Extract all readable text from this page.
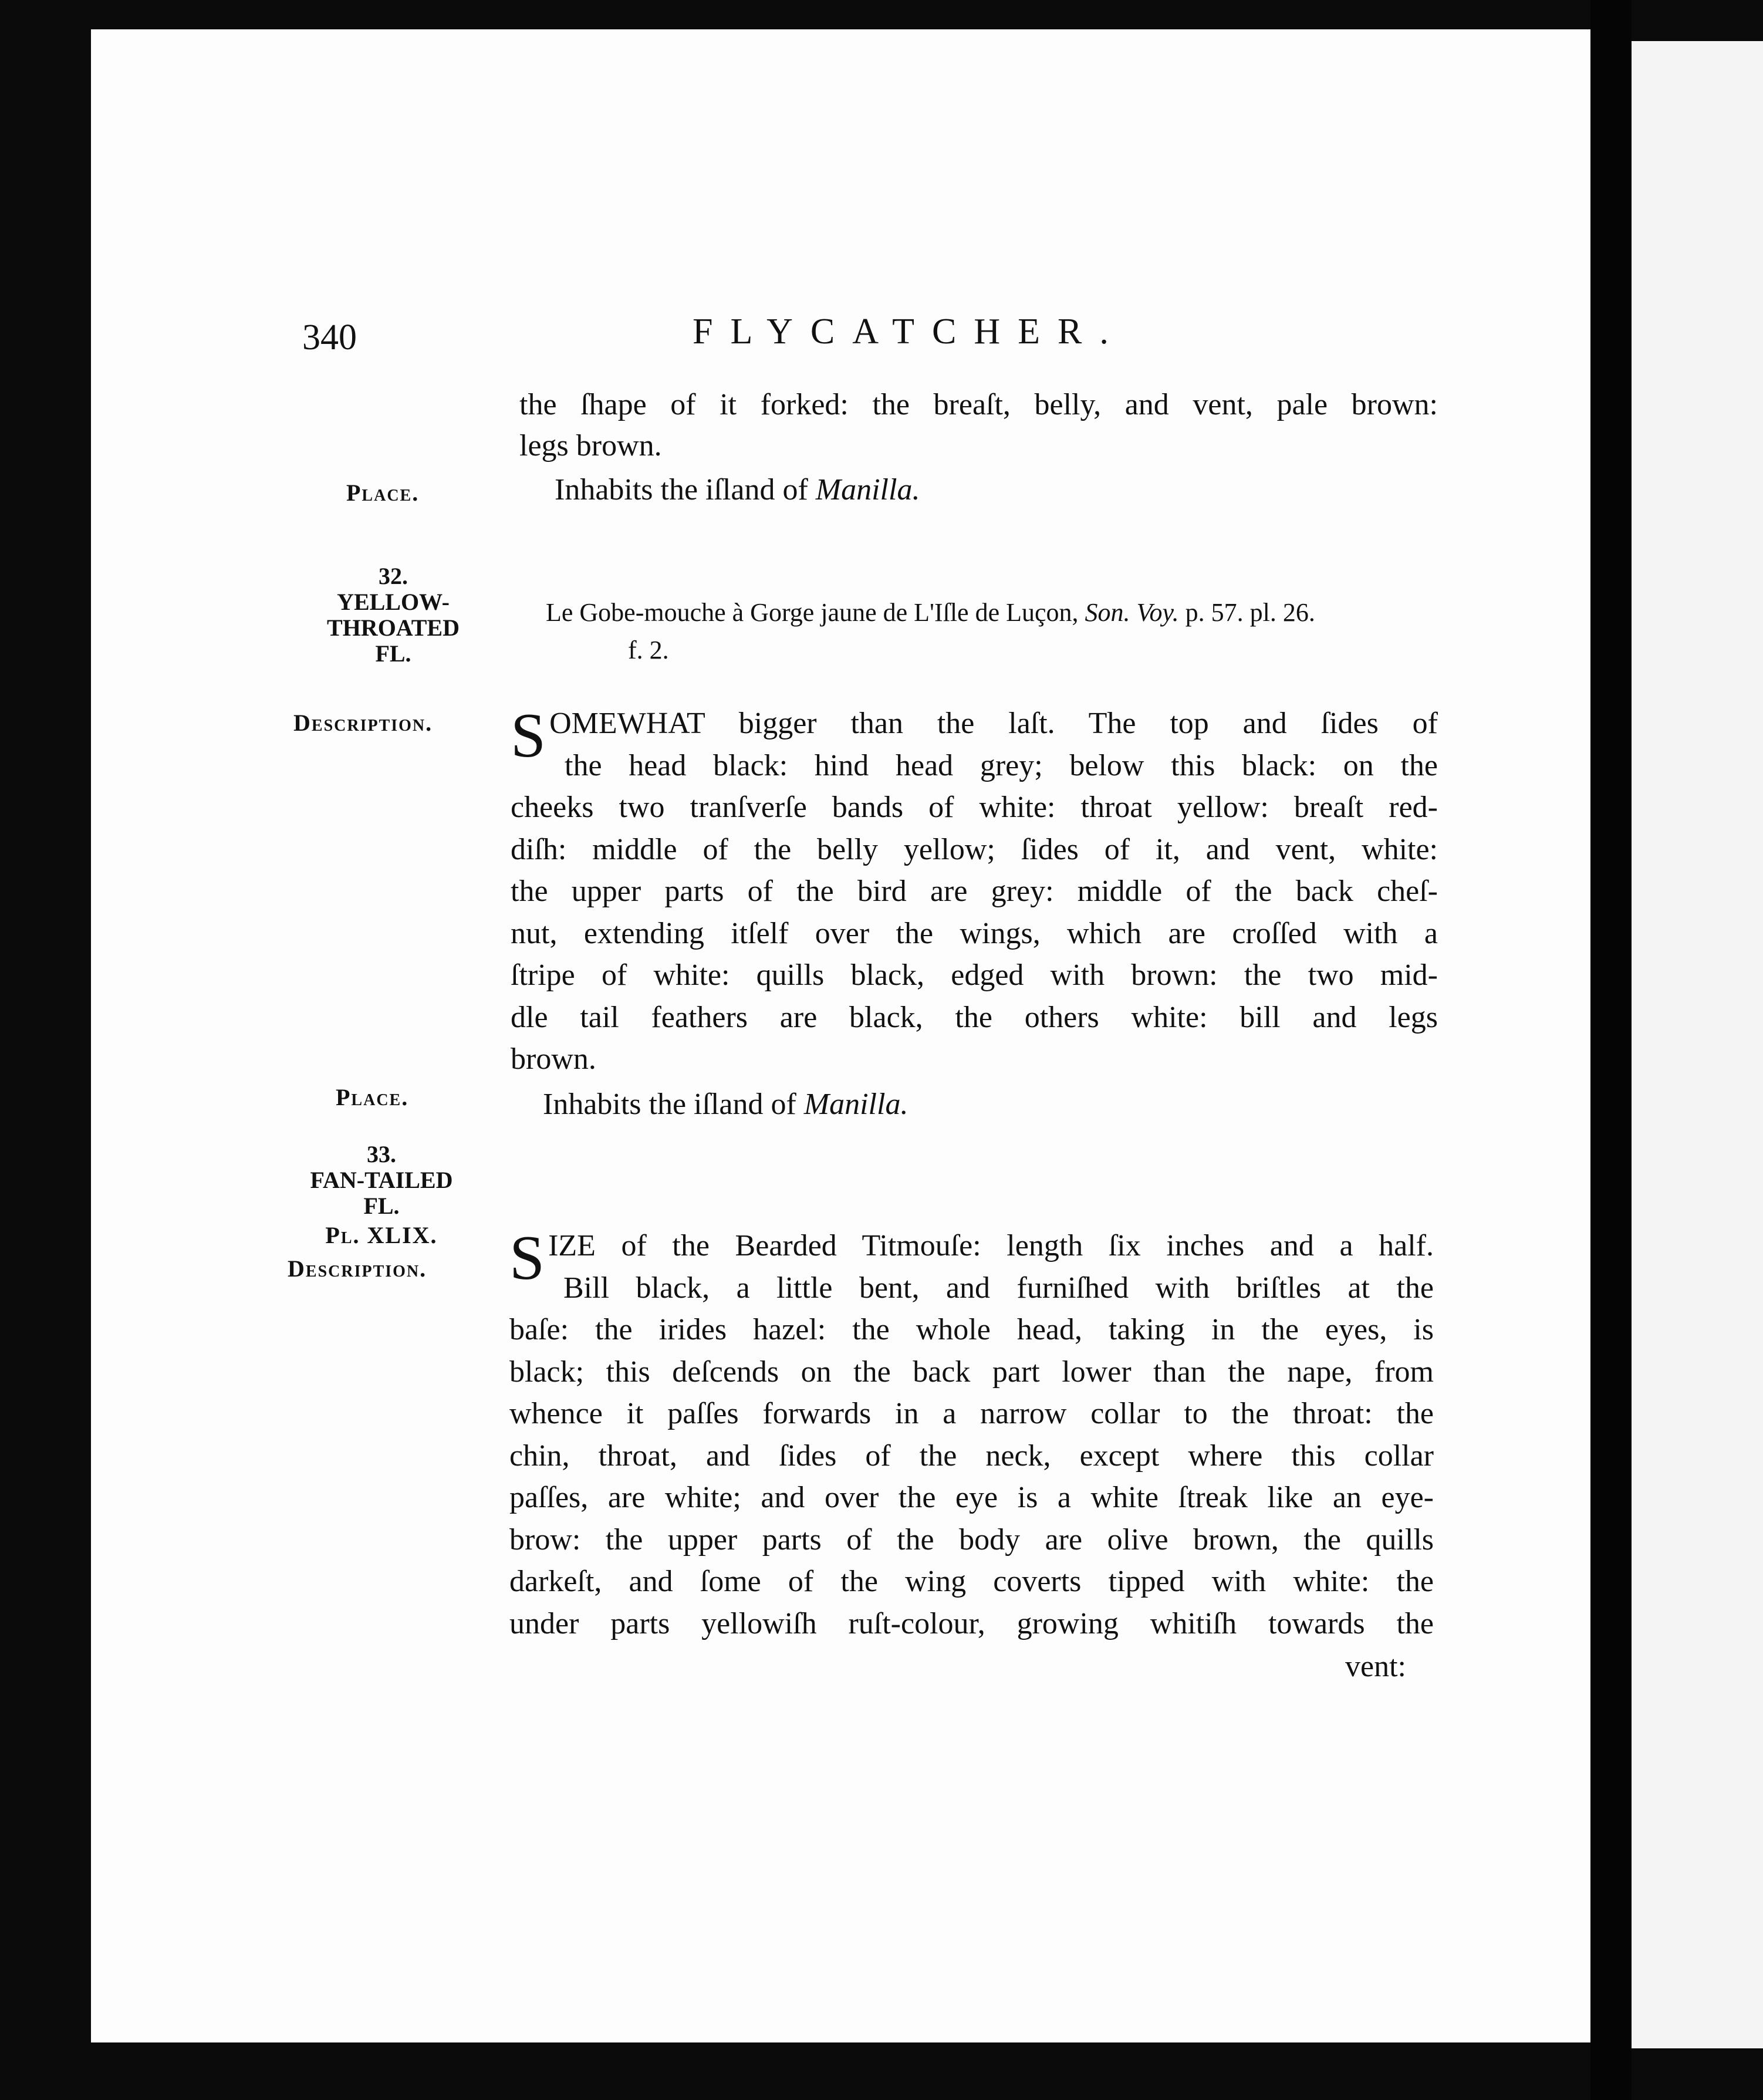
340	FLYCATCHER.
the ſhape of it forked: the breaſt, belly, and vent, pale brown:
legs brown.
Place.	Inhabits the iſland of Manilla.
32.
YELLOW-
THROATED
FL.
Le Gobe-mouche à Gorge jaune de L'Iſle de Luçon, Son. Voy. p. 57. pl. 26.
f. 2.
Description. S OMEWHAT bigger than the laſt. The top and ſides of
the head black: hind head grey; below this black: on the
cheeks two tranſverſe bands of white: throat yellow: breaſt red-
diſh: middle of the belly yellow; ſides of it, and vent, white:
the upper parts of the bird are grey: middle of the back cheſ-
nut, extending itſelf over the wings, which are croſſed with a
ſtripe of white: quills black, edged with brown: the two mid-
dle tail feathers are black, the others white: bill and legs
brown.
Place.	Inhabits the iſland of Manilla.
33.
FAN-TAILED
FL.
Pl. XLIX.
Description. S IZE of the Bearded Titmouſe: length ſix inches and a half.
Bill black, a little bent, and furniſhed with briſtles at the
baſe: the irides hazel: the whole head, taking in the eyes, is
black; this deſcends on the back part lower than the nape, from
whence it paſſes forwards in a narrow collar to the throat: the
chin, throat, and ſides of the neck, except where this collar
paſſes, are white; and over the eye is a white ſtreak like an eye-
brow: the upper parts of the body are olive brown, the quills
darkeſt, and ſome of the wing coverts tipped with white: the
under parts yellowiſh ruſt-colour, growing whitiſh towards the
vent:
